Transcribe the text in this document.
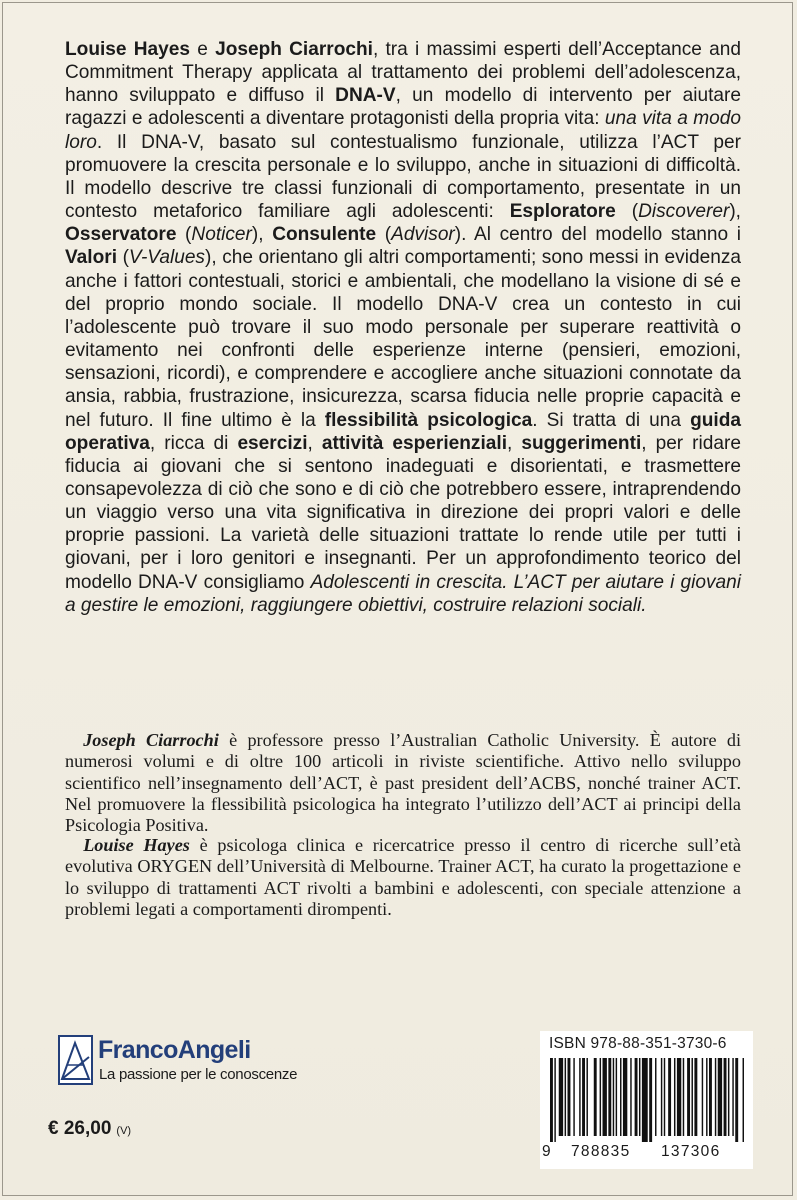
Louise Hayes e Joseph Ciarrochi, tra i massimi esperti dell’Acceptance and Commitment Therapy applicata al trattamento dei problemi dell’adolescenza, hanno sviluppato e diffuso il DNA-V, un modello di intervento per aiutare ragazzi e adolescenti a diventare protagonisti della propria vita: una vita a modo loro. Il DNA-V, basato sul contestualismo funzionale, utilizza l’ACT per promuovere la crescita personale e lo sviluppo, anche in situazioni di difficoltà. Il modello descrive tre classi funzionali di comportamento, presentate in un contesto metaforico familiare agli adolescenti: Esploratore (Discoverer), Osservatore (Noticer), Consulente (Advisor). Al centro del modello stanno i Valori (V-Values), che orientano gli altri comportamenti; sono messi in evidenza anche i fattori contestuali, storici e ambientali, che modellano la visione di sé e del proprio mondo sociale. Il modello DNA-V crea un contesto in cui l’adolescente può trovare il suo modo personale per superare reattività o evitamento nei confronti delle esperienze interne (pensieri, emozioni, sensazioni, ricordi), e comprendere e accogliere anche situazioni connotate da ansia, rabbia, frustrazione, insicurezza, scarsa fiducia nelle proprie capacità e nel futuro. Il fine ultimo è la flessibilità psicologica. Si tratta di una guida operativa, ricca di esercizi, attività esperienziali, suggerimenti, per ridare fiducia ai giovani che si sentono inadeguati e disorientati, e trasmettere consapevolezza di ciò che sono e di ciò che potrebbero essere, intraprendendo un viaggio verso una vita significativa in direzione dei propri valori e delle proprie passioni. La varietà delle situazioni trattate lo rende utile per tutti i giovani, per i loro genitori e insegnanti. Per un approfondimento teorico del modello DNA-V consigliamo Adolescenti in crescita. L’ACT per aiutare i giovani a gestire le emozioni, raggiungere obiettivi, costruire relazioni sociali.

 Joseph Ciarrochi è professore presso l’Australian Catholic University. È autore di numerosi volumi e di oltre 100 articoli in riviste scientifiche. Attivo nello sviluppo scientifico nell’insegnamento dell’ACT, è past president dell’ACBS, nonché trainer ACT. Nel promuovere la flessibilità psicologica ha integrato l’utilizzo dell’ACT ai principi della Psicologia Positiva.

 Louise Hayes è psicologa clinica e ricercatrice presso il centro di ricerche sull’età evolutiva ORYGEN dell’Università di Melbourne. Trainer ACT, ha curato la progettazione e lo sviluppo di trattamenti ACT rivolti a bambini e adolescenti, con speciale attenzione a problemi legati a comportamenti dirompenti.

FrancoAngeli
La passione per le conoscenze
€ 26,00 (V)
ISBN 978-88-351-3730-6
9 788835 137306
